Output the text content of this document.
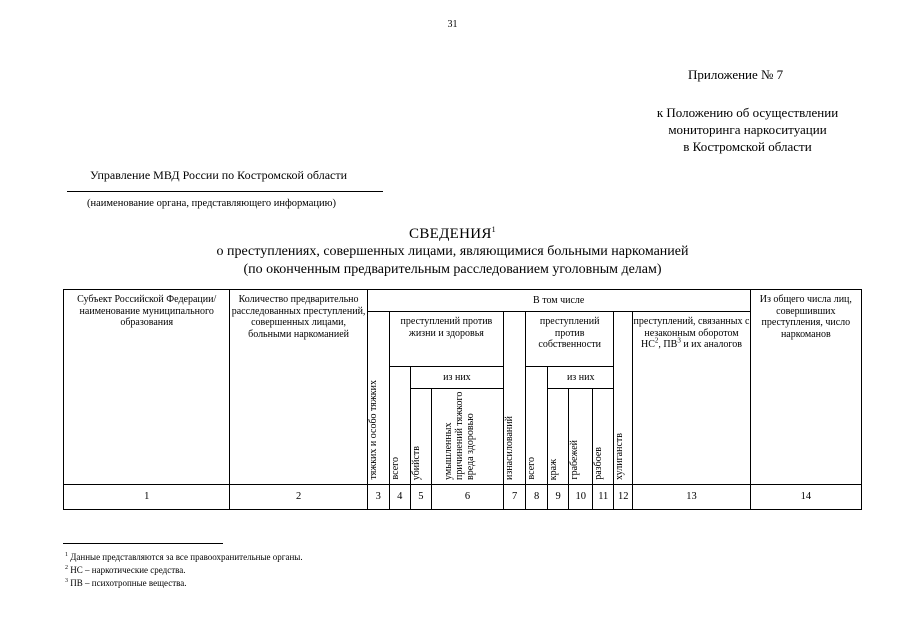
31
Приложение № 7
к Положению об осуществлении
мониторинга наркоситуации
в Костромской области
Управление МВД России по Костромской области
(наименование органа, представляющего информацию)
СВЕДЕНИЯ$^1$
о преступлениях, совершенных лицами, являющимися больными наркоманией
(по оконченным предварительным расследованием уголовным делам)
Субъект Российской Федерации/наименование муниципального образования	Количество предварительно расследованных преступлений, совершенных лицами, больными наркоманией	В том числе											Из общего числа лиц, совершивших преступления, число наркоманов

		тяжких и особо тяжких	преступлений против жизни и здоровья			изнасилований	преступлений против собственности				хулиганств	преступлений, связанных с незаконным оборотом $НС^2$, $ПВ^3$ и их аналогов	

			всего	из них			всего	из них					

				убийств	умышленных причинений тяжкого вреда здоровью			краж	грабежей	разбоев			

1	2	3	4	5	6	7	8	9	10	11	12	13	14
$^1$ Данные представляются за все правоохранительные органы.
$^2$ НС – наркотические средства.
$^3$ ПВ – психотропные вещества.
